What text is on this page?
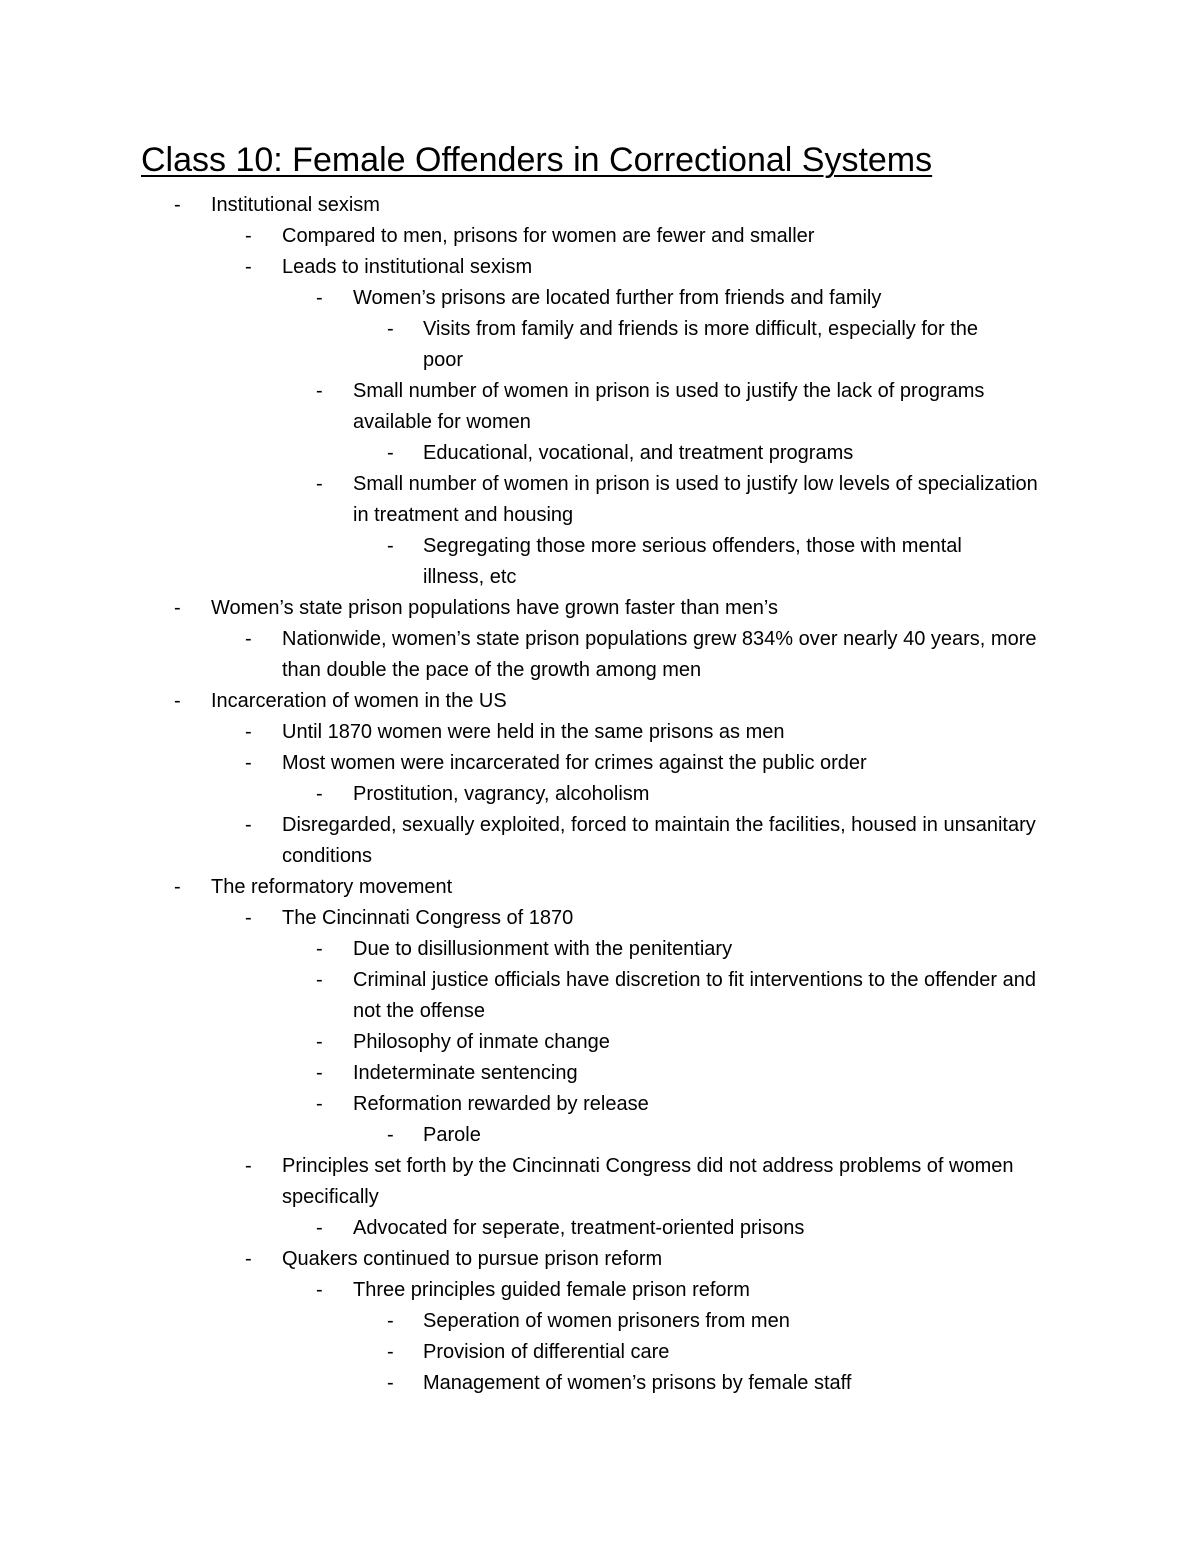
Class 10: Female Offenders in Correctional Systems
- Institutional sexism
- Compared to men, prisons for women are fewer and smaller
- Leads to institutional sexism
- Women’s prisons are located further from friends and family
- Visits from family and friends is more difficult, especially for the poor
- Small number of women in prison is used to justify the lack of programs available for women
- Educational, vocational, and treatment programs
- Small number of women in prison is used to justify low levels of specialization in treatment and housing
- Segregating those more serious offenders, those with mental illness, etc
- Women’s state prison populations have grown faster than men’s
- Nationwide, women’s state prison populations grew 834% over nearly 40 years, more than double the pace of the growth among men
- Incarceration of women in the US
- Until 1870 women were held in the same prisons as men
- Most women were incarcerated for crimes against the public order
- Prostitution, vagrancy, alcoholism
- Disregarded, sexually exploited, forced to maintain the facilities, housed in unsanitary conditions
- The reformatory movement
- The Cincinnati Congress of 1870
- Due to disillusionment with the penitentiary
- Criminal justice officials have discretion to fit interventions to the offender and not the offense
- Philosophy of inmate change
- Indeterminate sentencing
- Reformation rewarded by release
- Parole
- Principles set forth by the Cincinnati Congress did not address problems of women specifically
- Advocated for seperate, treatment-oriented prisons
- Quakers continued to pursue prison reform
- Three principles guided female prison reform
- Seperation of women prisoners from men
- Provision of differential care
- Management of women’s prisons by female staff
